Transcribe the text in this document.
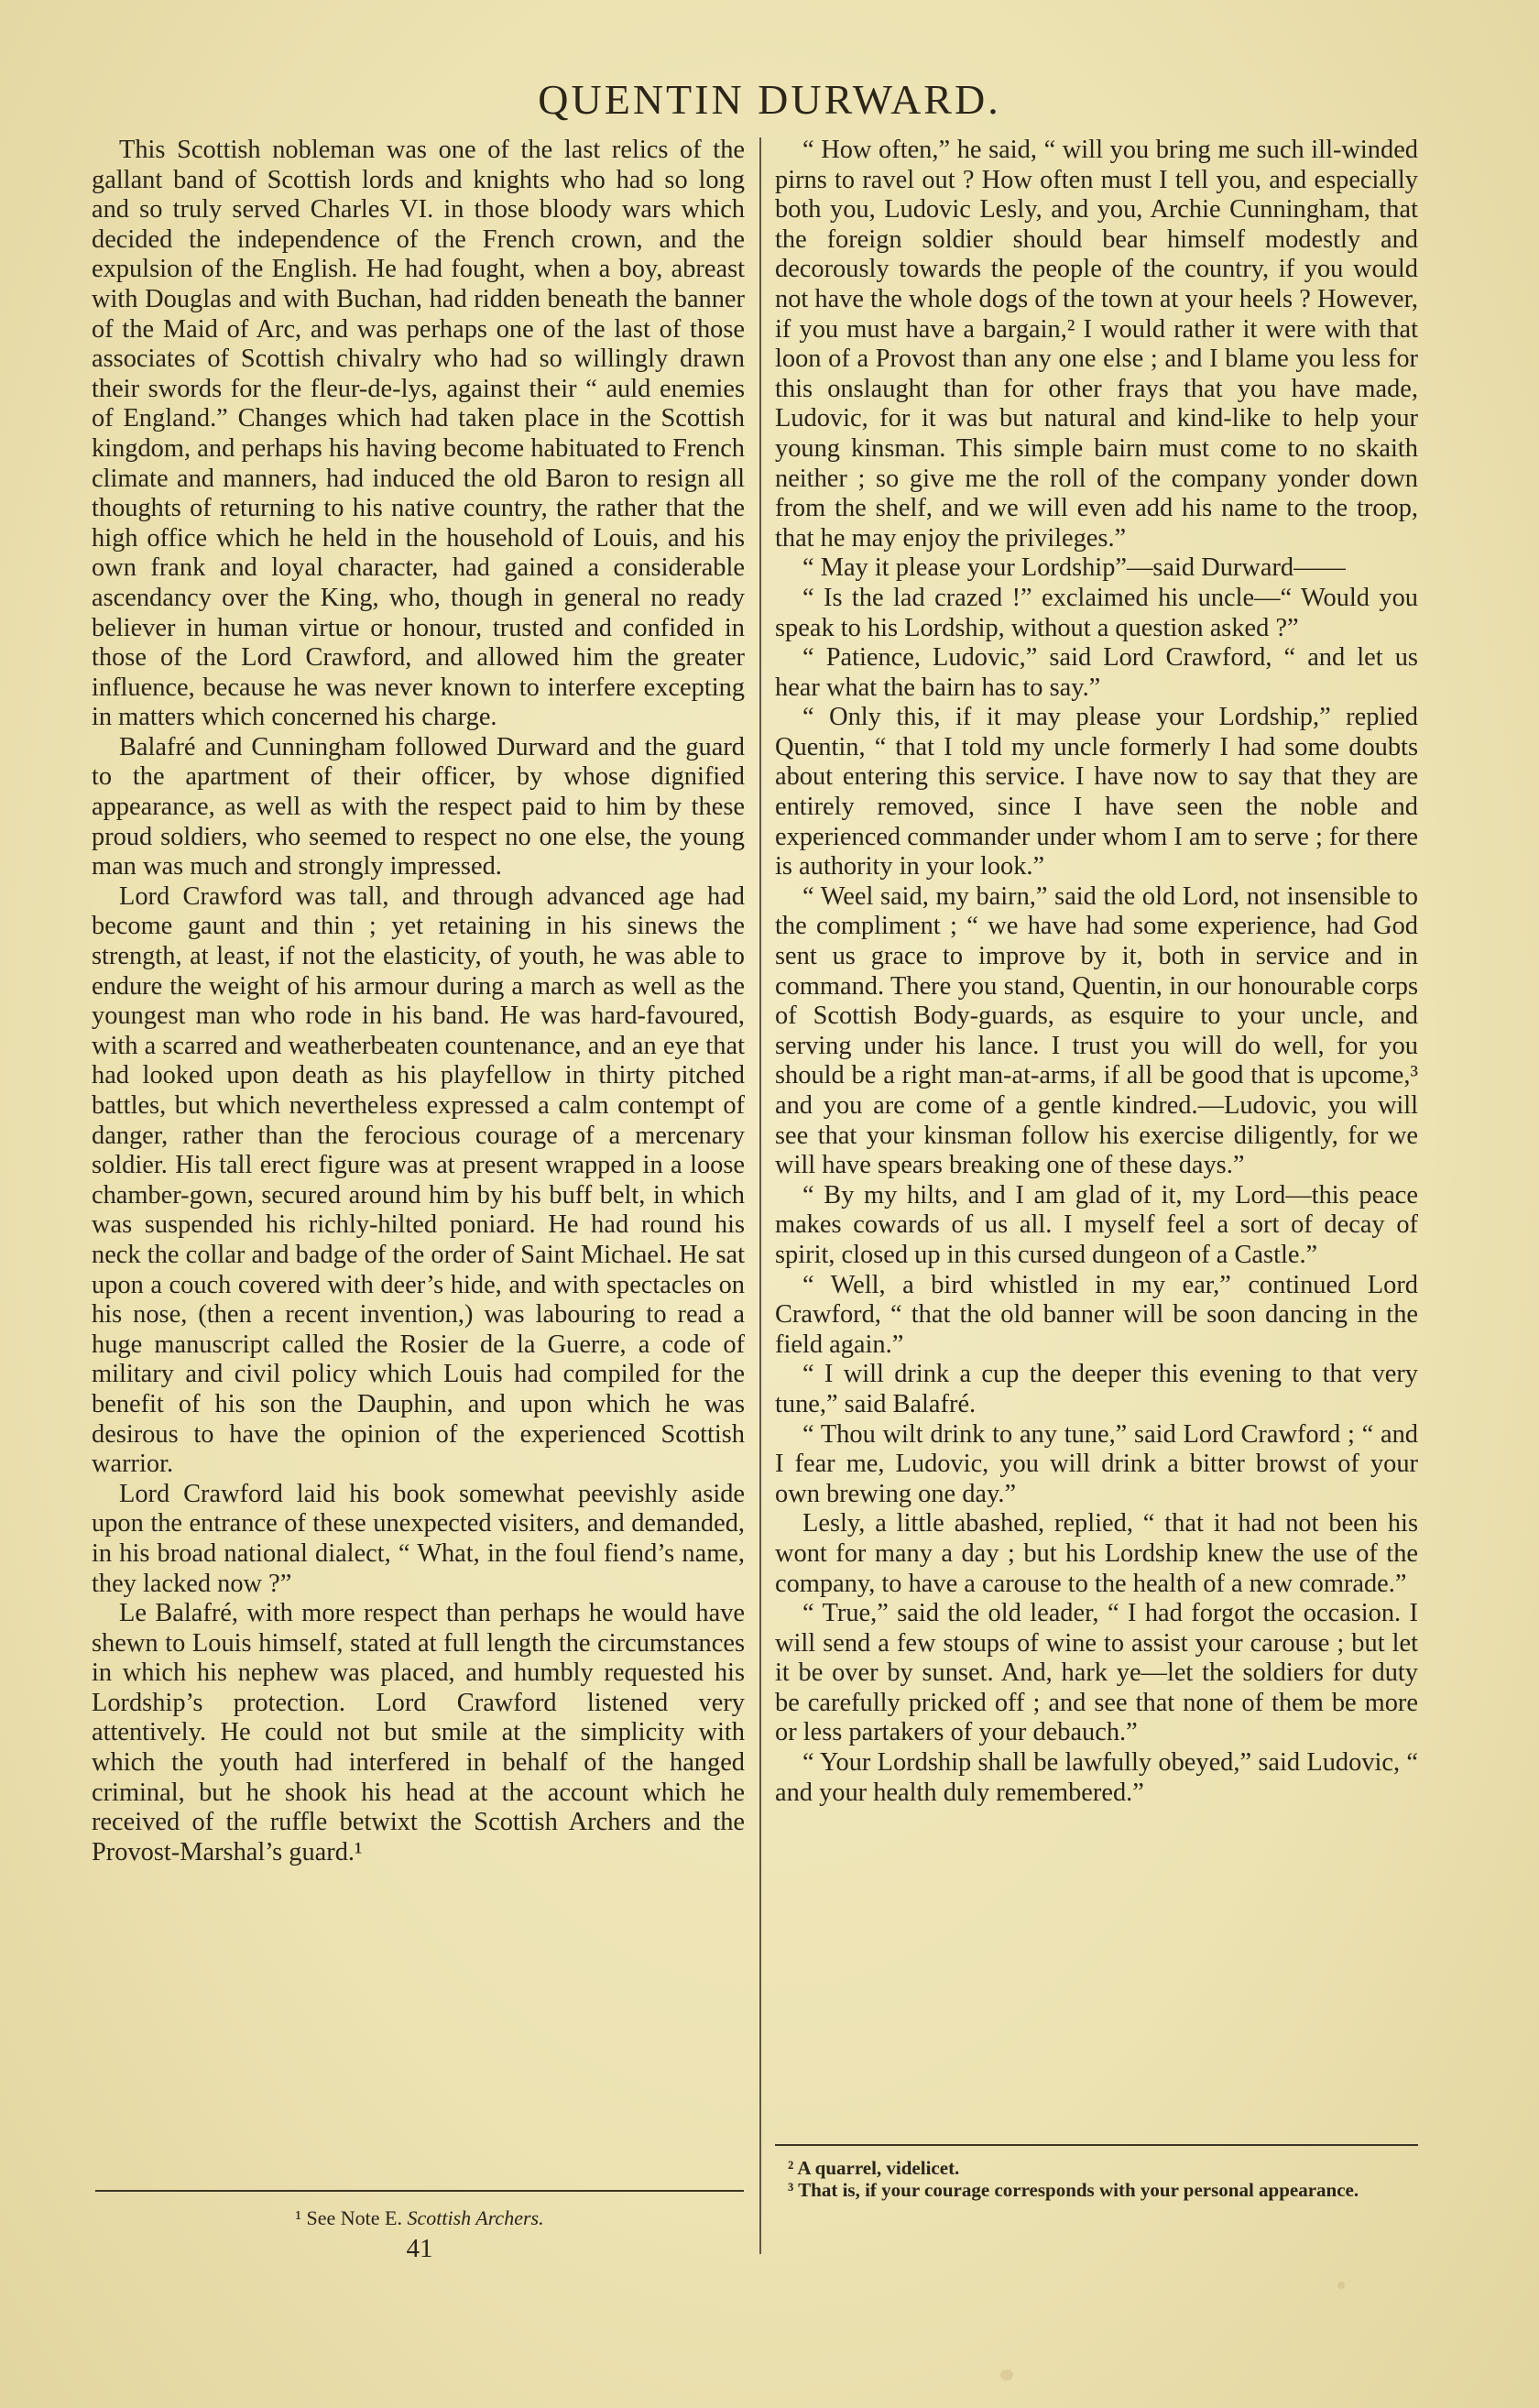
QUENTIN DURWARD.

This Scottish nobleman was one of the last relics of the gallant band of Scottish lords and knights who had so long and so truly served Charles VI. in those bloody wars which decided the independence of the French crown, and the expulsion of the English. He had fought, when a boy, abreast with Douglas and with Buchan, had ridden beneath the banner of the Maid of Arc, and was perhaps one of the last of those associates of Scottish chivalry who had so willingly drawn their swords for the fleur-de-lys, against their “ auld enemies of England.” Changes which had taken place in the Scottish kingdom, and perhaps his having become habituated to French climate and manners, had induced the old Baron to resign all thoughts of returning to his native country, the rather that the high office which he held in the household of Louis, and his own frank and loyal character, had gained a considerable ascendancy over the King, who, though in general no ready believer in human virtue or honour, trusted and confided in those of the Lord Crawford, and allowed him the greater influence, because he was never known to interfere excepting in matters which concerned his charge.

Balafré and Cunningham followed Durward and the guard to the apartment of their officer, by whose dignified appearance, as well as with the respect paid to him by these proud soldiers, who seemed to respect no one else, the young man was much and strongly impressed.

Lord Crawford was tall, and through advanced age had become gaunt and thin ; yet retaining in his sinews the strength, at least, if not the elasticity, of youth, he was able to endure the weight of his armour during a march as well as the youngest man who rode in his band. He was hard-favoured, with a scarred and weatherbeaten countenance, and an eye that had looked upon death as his playfellow in thirty pitched battles, but which nevertheless expressed a calm contempt of danger, rather than the ferocious courage of a mercenary soldier. His tall erect figure was at present wrapped in a loose chamber-gown, secured around him by his buff belt, in which was suspended his richly-hilted poniard. He had round his neck the collar and badge of the order of Saint Michael. He sat upon a couch covered with deer’s hide, and with spectacles on his nose, (then a recent invention,) was labouring to read a huge manuscript called the Rosier de la Guerre, a code of military and civil policy which Louis had compiled for the benefit of his son the Dauphin, and upon which he was desirous to have the opinion of the experienced Scottish warrior.

Lord Crawford laid his book somewhat peevishly aside upon the entrance of these unexpected visiters, and demanded, in his broad national dialect, “ What, in the foul fiend’s name, they lacked now ?”

Le Balafré, with more respect than perhaps he would have shewn to Louis himself, stated at full length the circumstances in which his nephew was placed, and humbly requested his Lordship’s protection. Lord Crawford listened very attentively. He could not but smile at the simplicity with which the youth had interfered in behalf of the hanged criminal, but he shook his head at the account which he received of the ruffle betwixt the Scottish Archers and the Provost-Marshal’s guard.¹

“ How often,” he said, “ will you bring me such ill-winded pirns to ravel out ? How often must I tell you, and especially both you, Ludovic Lesly, and you, Archie Cunningham, that the foreign soldier should bear himself modestly and decorously towards the people of the country, if you would not have the whole dogs of the town at your heels ? However, if you must have a bargain,² I would rather it were with that loon of a Provost than any one else ; and I blame you less for this onslaught than for other frays that you have made, Ludovic, for it was but natural and kind-like to help your young kinsman. This simple bairn must come to no skaith neither ; so give me the roll of the company yonder down from the shelf, and we will even add his name to the troop, that he may enjoy the privileges.”

“ May it please your Lordship”—said Durward——

“ Is the lad crazed !” exclaimed his uncle—“ Would you speak to his Lordship, without a question asked ?”

“ Patience, Ludovic,” said Lord Crawford, “ and let us hear what the bairn has to say.”

“ Only this, if it may please your Lordship,” replied Quentin, “ that I told my uncle formerly I had some doubts about entering this service. I have now to say that they are entirely removed, since I have seen the noble and experienced commander under whom I am to serve ; for there is authority in your look.”

“ Weel said, my bairn,” said the old Lord, not insensible to the compliment ; “ we have had some experience, had God sent us grace to improve by it, both in service and in command. There you stand, Quentin, in our honourable corps of Scottish Body-guards, as esquire to your uncle, and serving under his lance. I trust you will do well, for you should be a right man-at-arms, if all be good that is upcome,³ and you are come of a gentle kindred.—Ludovic, you will see that your kinsman follow his exercise diligently, for we will have spears breaking one of these days.”

“ By my hilts, and I am glad of it, my Lord—this peace makes cowards of us all. I myself feel a sort of decay of spirit, closed up in this cursed dungeon of a Castle.”

“ Well, a bird whistled in my ear,” continued Lord Crawford, “ that the old banner will be soon dancing in the field again.”

“ I will drink a cup the deeper this evening to that very tune,” said Balafré.

“ Thou wilt drink to any tune,” said Lord Crawford ; “ and I fear me, Ludovic, you will drink a bitter browst of your own brewing one day.”

Lesly, a little abashed, replied, “ that it had not been his wont for many a day ; but his Lordship knew the use of the company, to have a carouse to the health of a new comrade.”

“ True,” said the old leader, “ I had forgot the occasion. I will send a few stoups of wine to assist your carouse ; but let it be over by sunset. And, hark ye—let the soldiers for duty be carefully pricked off ; and see that none of them be more or less partakers of your debauch.”

“ Your Lordship shall be lawfully obeyed,” said Ludovic, “ and your health duly remembered.”

¹ See Note E. Scottish Archers.
41

² A quarrel, videlicet.

³ That is, if your courage corresponds with your personal appearance.
